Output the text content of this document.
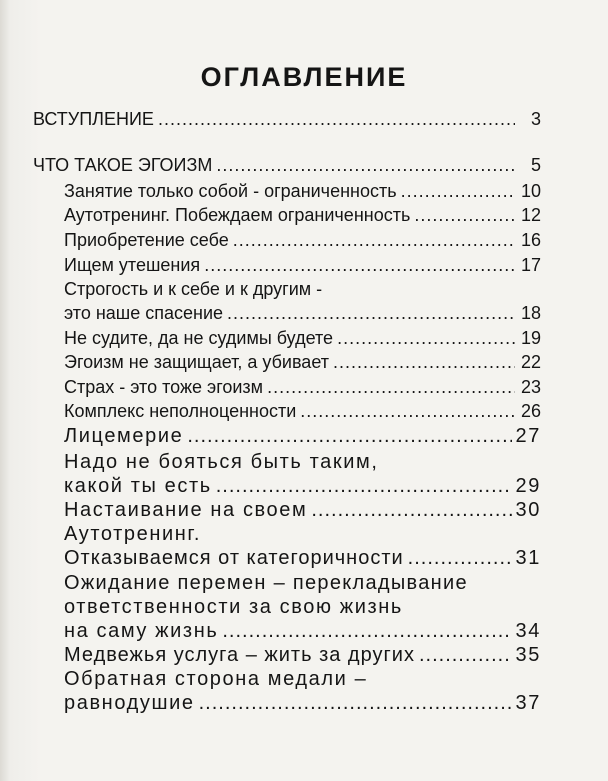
ОГЛАВЛЕНИЕ
ВСТУПЛЕНИЕ .....	3
ЧТО ТАКОЕ ЭГОИЗМ .....	5
Занятие только собой - ограниченность .....	10
Аутотренинг. Побеждаем ограниченность .....	12
Приобретение себе .....	16
Ищем утешения .....	17
Строгость и к себе и к другим -
это наше спасение .....	18
Не судите, да не судимы будете .....	19
Эгоизм не защищает, а убивает .....	22
Страх - это тоже эгоизм .....	23
Комплекс неполноценности .....	26
Лицемерие .....	27
Надо не бояться быть таким,
какой ты есть .....	29
Настаивание на своем .....	30
Аутотренинг.
Отказываемся от категоричности .....	31
Ожидание перемен – перекладывание
ответственности за свою жизнь
на саму жизнь .....	34
Медвежья услуга – жить за других .....	35
Обратная сторона медали –
равнодушие .....	37
